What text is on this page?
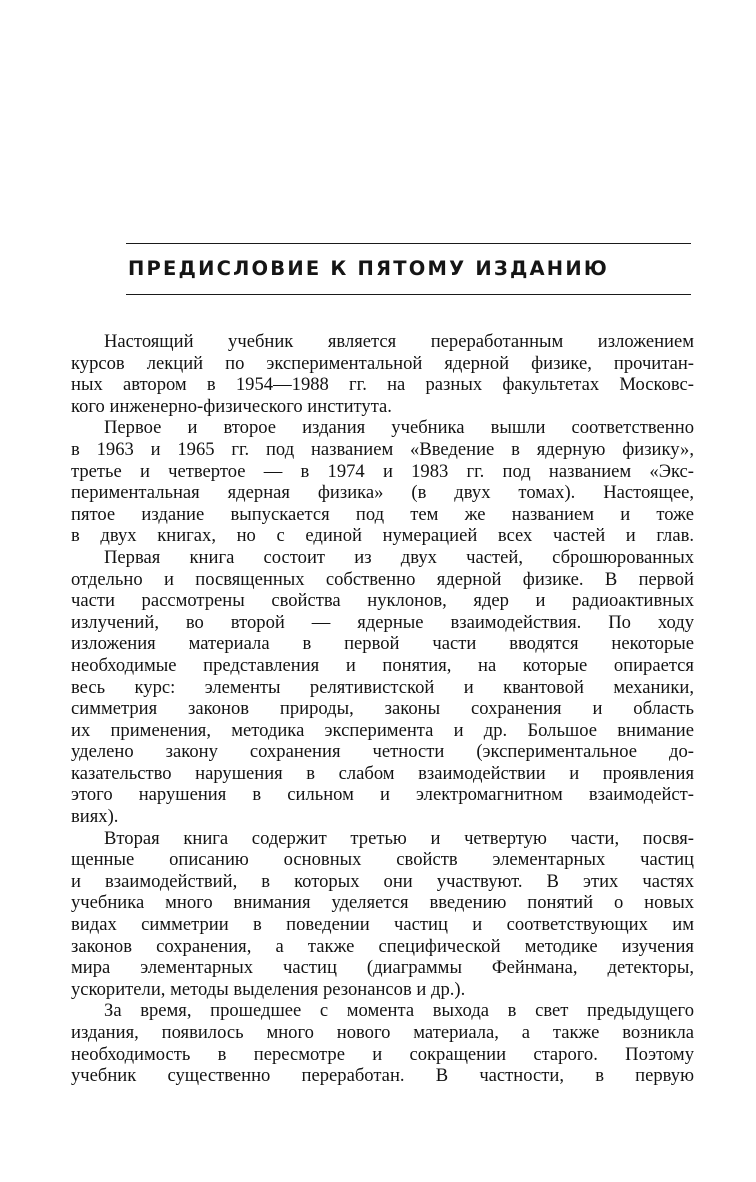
ПРЕДИСЛОВИЕ К ПЯТОМУ ИЗДАНИЮ
Настоящий учебник является переработанным изложением
курсов лекций по экспериментальной ядерной физике, прочитан-
ных автором в 1954—1988 гг. на разных факультетах Московс-
кого инженерно-физического института.
Первое и второе издания учебника вышли соответственно
в 1963 и 1965 гг. под названием «Введение в ядерную физику»,
третье и четвертое — в 1974 и 1983 гг. под названием «Экс-
периментальная ядерная физика» (в двух томах). Настоящее,
пятое издание выпускается под тем же названием и тоже
в двух книгах, но с единой нумерацией всех частей и глав.
Первая книга состоит из двух частей, сброшюрованных
отдельно и посвященных собственно ядерной физике. В первой
части рассмотрены свойства нуклонов, ядер и радиоактивных
излучений, во второй — ядерные взаимодействия. По ходу
изложения материала в первой части вводятся некоторые
необходимые представления и понятия, на которые опирается
весь курс: элементы релятивистской и квантовой механики,
симметрия законов природы, законы сохранения и область
их применения, методика эксперимента и др. Большое внимание
уделено закону сохранения четности (экспериментальное до-
казательство нарушения в слабом взаимодействии и проявления
этого нарушения в сильном и электромагнитном взаимодейст-
виях).
Вторая книга содержит третью и четвертую части, посвя-
щенные описанию основных свойств элементарных частиц
и взаимодействий, в которых они участвуют. В этих частях
учебника много внимания уделяется введению понятий о новых
видах симметрии в поведении частиц и соответствующих им
законов сохранения, а также специфической методике изучения
мира элементарных частиц (диаграммы Фейнмана, детекторы,
ускорители, методы выделения резонансов и др.).
За время, прошедшее с момента выхода в свет предыдущего
издания, появилось много нового материала, а также возникла
необходимость в пересмотре и сокращении старого. Поэтому
учебник существенно переработан. В частности, в первую
